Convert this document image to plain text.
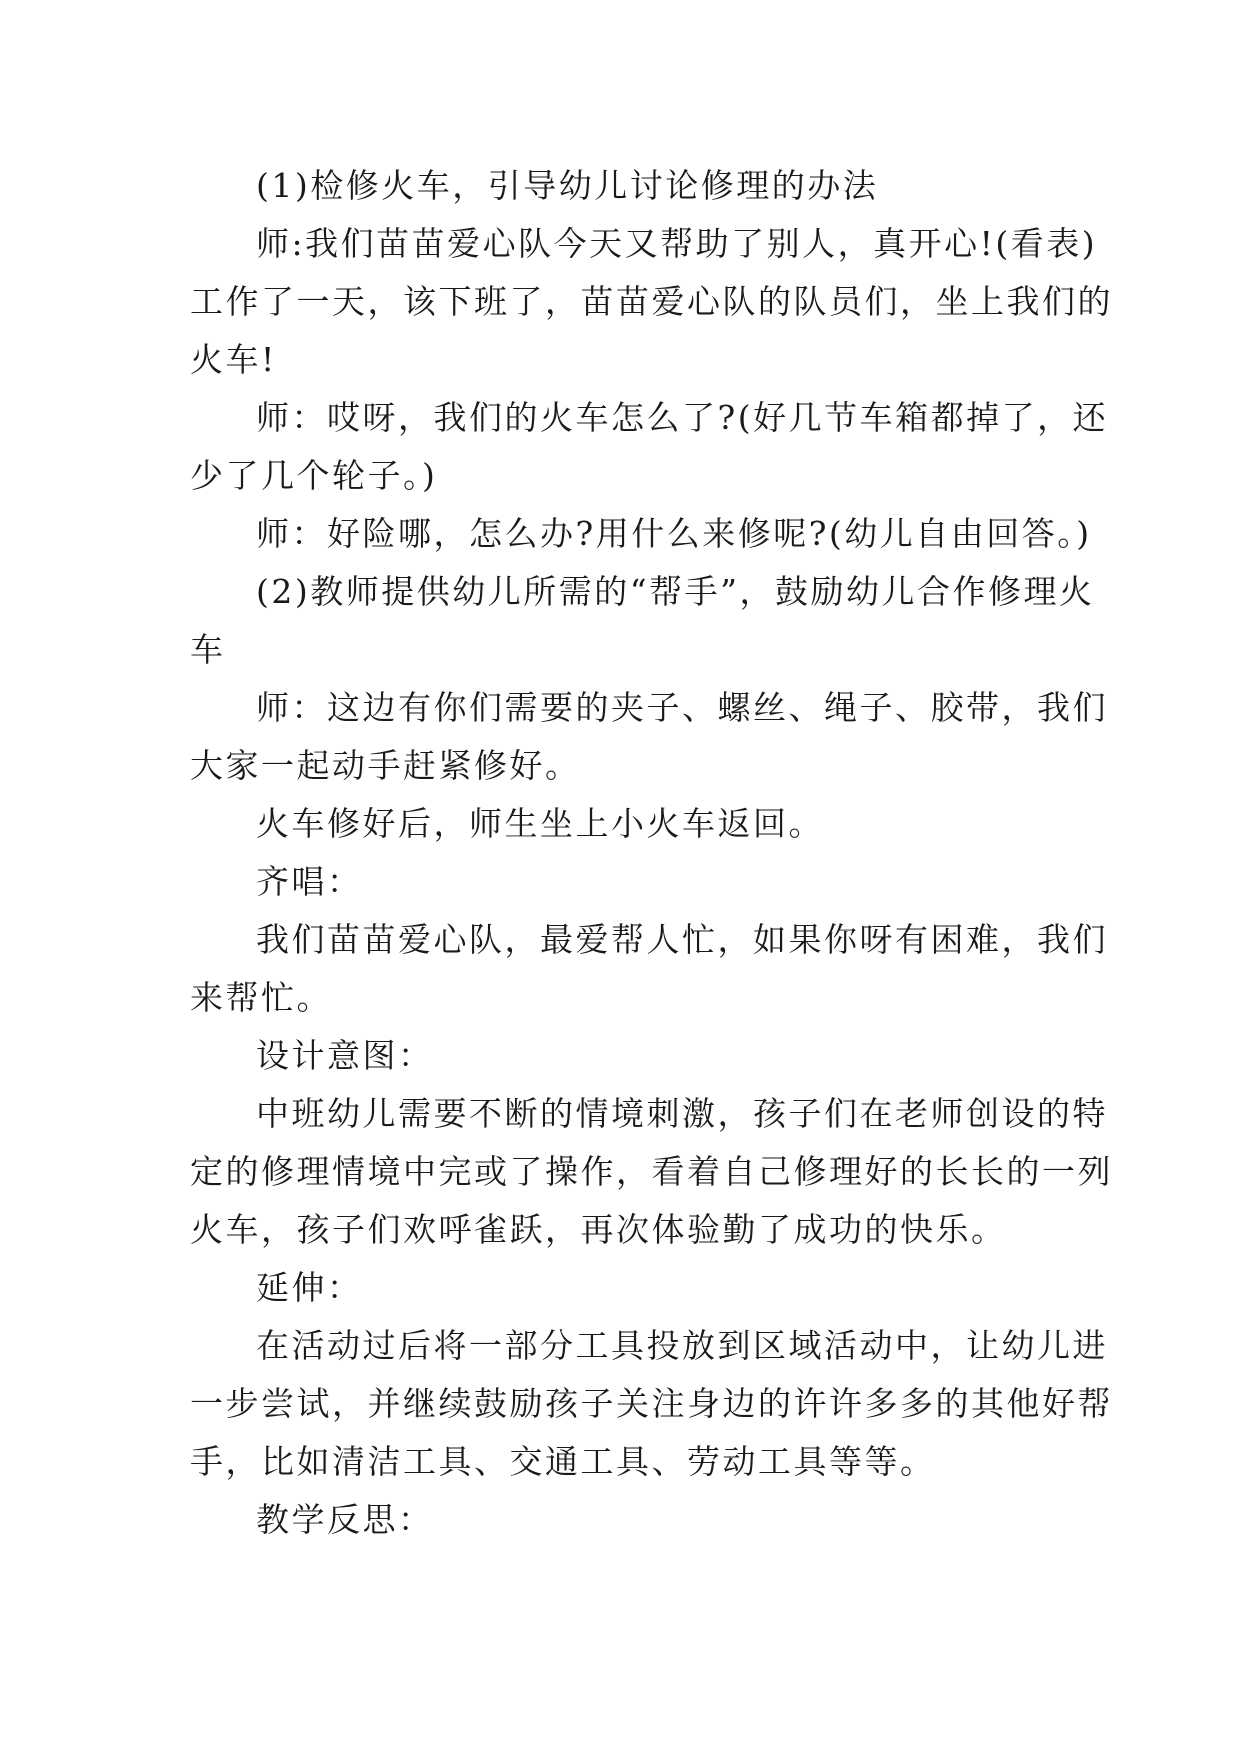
(1)检修火车，引导幼儿讨论修理的办法
师:我们苗苗爱心队今天又帮助了别人，真开心!(看表)
工作了一天，该下班了，苗苗爱心队的队员们，坐上我们的
火车!
师：哎呀，我们的火车怎么了?(好几节车箱都掉了，还
少了几个轮子。)
师：好险哪，怎么办?用什么来修呢?(幼儿自由回答。)
(2)教师提供幼儿所需的“帮手”，鼓励幼儿合作修理火
车
师：这边有你们需要的夹子、螺丝、绳子、胶带，我们
大家一起动手赶紧修好。
火车修好后，师生坐上小火车返回。
齐唱：
我们苗苗爱心队，最爱帮人忙，如果你呀有困难，我们
来帮忙。
设计意图：
中班幼儿需要不断的情境刺激，孩子们在老师创设的特
定的修理情境中完或了操作，看着自己修理好的长长的一列
火车，孩子们欢呼雀跃，再次体验勤了成功的快乐。
延伸：
在活动过后将一部分工具投放到区域活动中，让幼儿进
一步尝试，并继续鼓励孩子关注身边的许许多多的其他好帮
手，比如清洁工具、交通工具、劳动工具等等。
教学反思：
